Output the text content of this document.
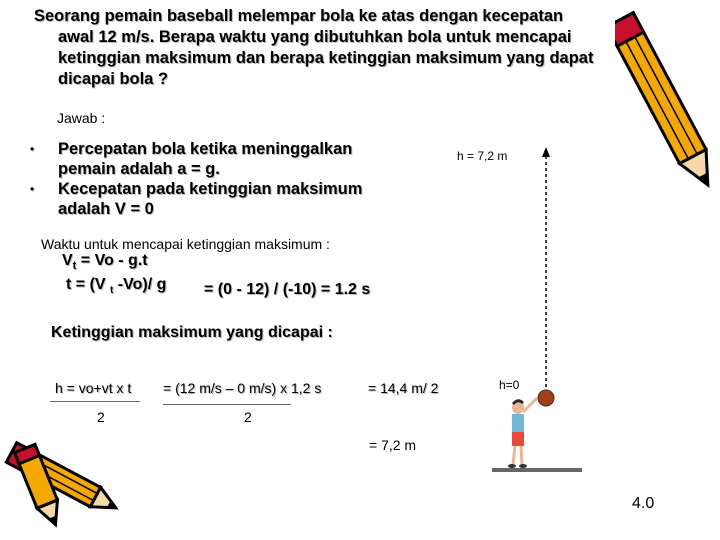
Seorang pemain baseball melempar bola ke atas dengan kecepatan
awal 12 m/s. Berapa waktu yang dibutuhkan bola untuk mencapai
ketinggian maksimum dan berapa ketinggian maksimum yang dapat
dicapai bola ?
Jawab :
• Percepatan bola ketika meninggalkan
pemain adalah a = g.
• Kecepatan pada ketinggian maksimum
adalah V = 0
Waktu untuk mencapai ketinggian maksimum :
$V_t = Vo - g.t$
t = (V $_t$ -Vo)/ g = (0 - 12) / (-10) = 1.2 s
Ketinggian maksimum yang dicapai :
h = vo+vt x t = (12 m/s – 0 m/s) x 1,2 s	= 14,4 m/ 2
2	2
= 7,2 m
h = 7,2 m
h=0
4.0
